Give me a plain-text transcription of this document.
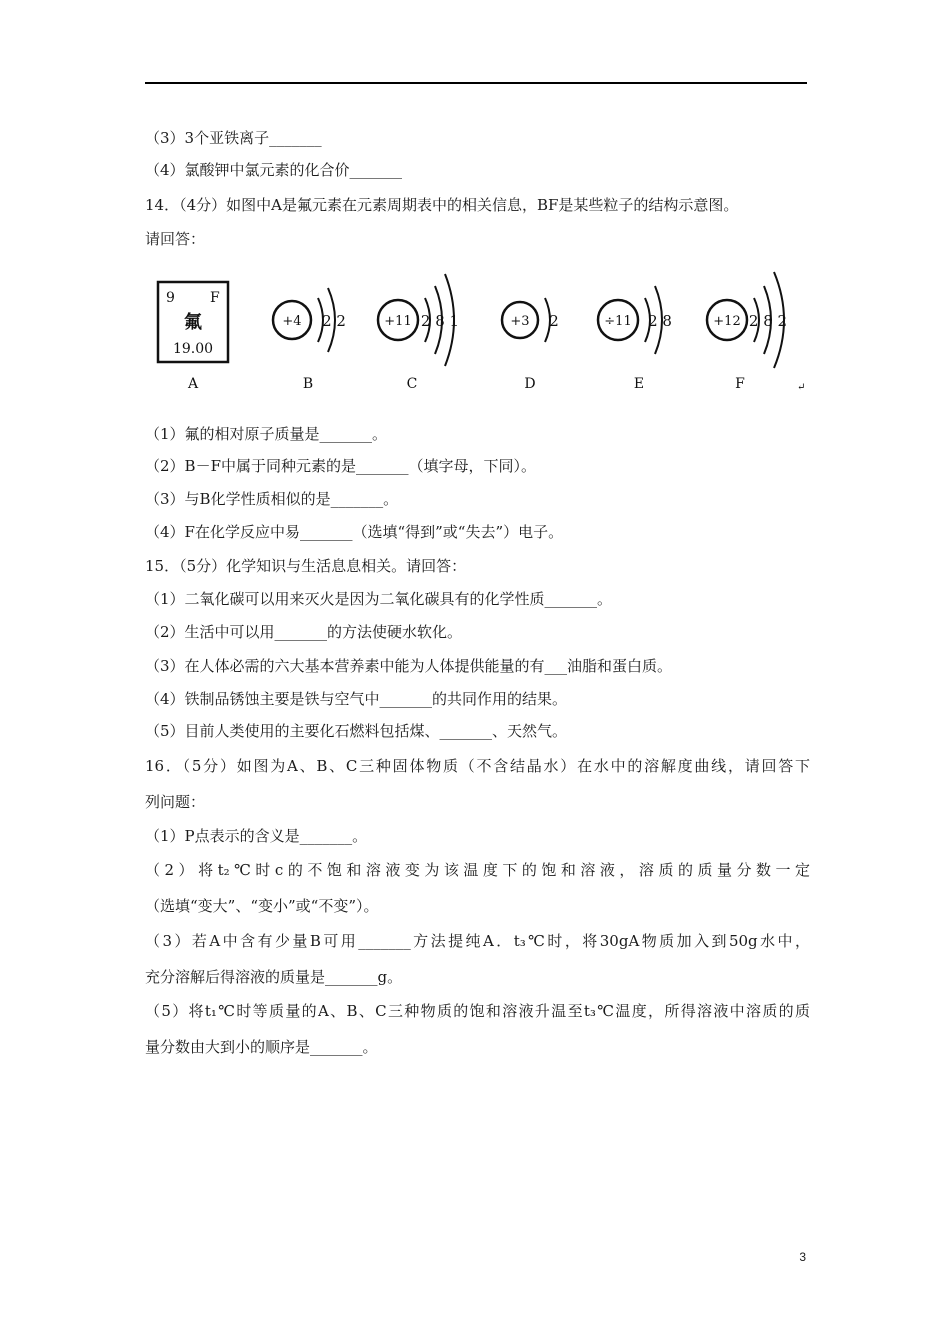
（3）3个亚铁离子_______
（4）氯酸钾中氯元素的化合价_______
14．（4分）如图中A是氟元素在元素周期表中的相关信息，BF是某些粒子的结构示意图。
请回答：
9	F
氟
19.00
+4 2 2	+11 2 8 1	+3 2	÷11 2 8	+12 2 8 2
A	B	C	D	E	F	↵
（1）氟的相对原子质量是_______。
（2）B－F中属于同种元素的是_______（填字母，下同）。
（3）与B化学性质相似的是_______。
（4）F在化学反应中易_______（选填“得到”或“失去”）电子。
15．（5分）化学知识与生活息息相关。请回答：
（1）二氧化碳可以用来灭火是因为二氧化碳具有的化学性质_______。
（2）生活中可以用_______的方法使硬水软化。
（3）在人体必需的六大基本营养素中能为人体提供能量的有___油脂和蛋白质。
（4）铁制品锈蚀主要是铁与空气中_______的共同作用的结果。
（5）目前人类使用的主要化石燃料包括煤、_______、天然气。
16．（5分）如图为A、B、C三种固体物质（不含结晶水）在水中的溶解度曲线，请回答下
列问题：
（1）P点表示的含义是_______。
（2）将t₂℃时c的不饱和溶液变为该温度下的饱和溶液，溶质的质量分数一定
（选填“变大”、“变小”或“不变”）。
（3）若A中含有少量B可用_______方法提纯A．t₃℃时，将30gA物质加入到50g水中，
充分溶解后得溶液的质量是_______g。
（5）将t₁℃时等质量的A、B、C三种物质的饱和溶液升温至t₃℃温度，所得溶液中溶质的质
量分数由大到小的顺序是_______。
3
